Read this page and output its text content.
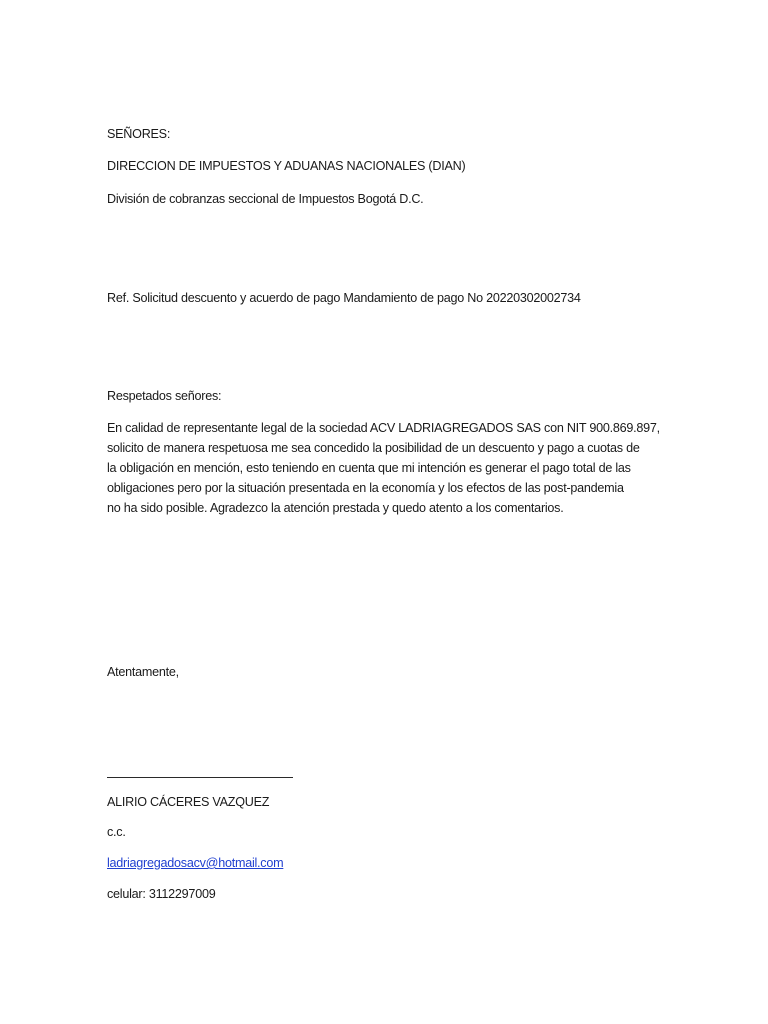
SEÑORES:
DIRECCION DE IMPUESTOS Y ADUANAS NACIONALES (DIAN)
División de cobranzas seccional de Impuestos Bogotá D.C.
Ref. Solicitud descuento y acuerdo de pago Mandamiento de pago No 20220302002734
Respetados señores:
En calidad de representante legal de la sociedad ACV LADRIAGREGADOS SAS con NIT 900.869.897,
solicito de manera respetuosa me sea concedido la posibilidad de un descuento y pago a cuotas de
la obligación en mención, esto teniendo en cuenta que mi intención es generar el pago total de las
obligaciones pero por la situación presentada en la economía y los efectos de las post-pandemia
no ha sido posible. Agradezco la atención prestada y quedo atento a los comentarios.
Atentamente,
ALIRIO CÁCERES VAZQUEZ
c.c.
ladriagregadosacv@hotmail.com
celular: 3112297009
